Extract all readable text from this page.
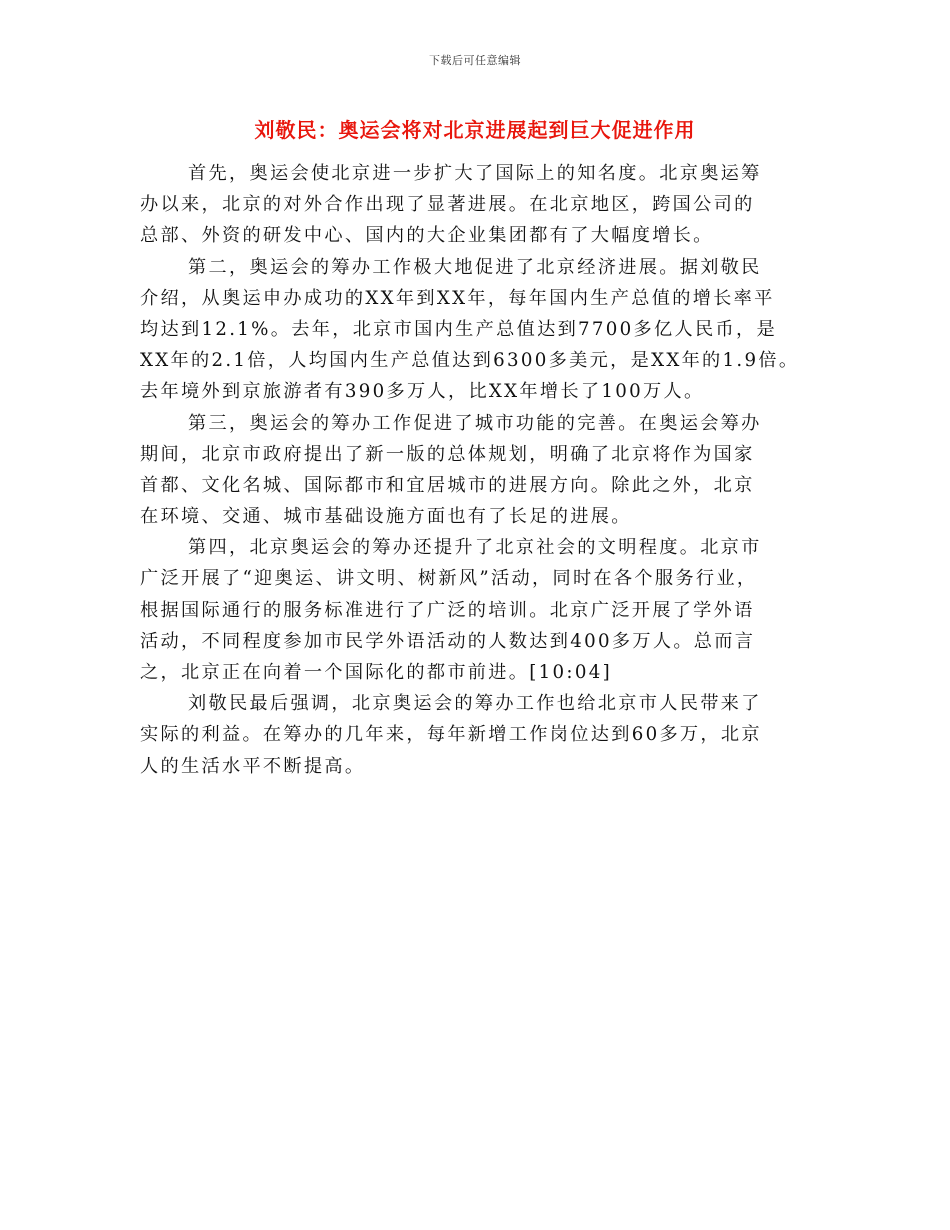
下载后可任意编辑
刘敬民：奥运会将对北京进展起到巨大促进作用
首先，奥运会使北京进一步扩大了国际上的知名度。北京奥运筹
办以来，北京的对外合作出现了显著进展。在北京地区，跨国公司的
总部、外资的研发中心、国内的大企业集团都有了大幅度增长。
第二，奥运会的筹办工作极大地促进了北京经济进展。据刘敬民
介绍，从奥运申办成功的XX年到XX年，每年国内生产总值的增长率平
均达到12.1%。去年，北京市国内生产总值达到7700多亿人民币，是
XX年的2.1倍，人均国内生产总值达到6300多美元，是XX年的1.9倍。
去年境外到京旅游者有390多万人，比XX年增长了100万人。
第三，奥运会的筹办工作促进了城市功能的完善。在奥运会筹办
期间，北京市政府提出了新一版的总体规划，明确了北京将作为国家
首都、文化名城、国际都市和宜居城市的进展方向。除此之外，北京
在环境、交通、城市基础设施方面也有了长足的进展。
第四，北京奥运会的筹办还提升了北京社会的文明程度。北京市
广泛开展了“迎奥运、讲文明、树新风”活动，同时在各个服务行业，
根据国际通行的服务标准进行了广泛的培训。北京广泛开展了学外语
活动，不同程度参加市民学外语活动的人数达到400多万人。总而言
之，北京正在向着一个国际化的都市前进。[10:04]
刘敬民最后强调，北京奥运会的筹办工作也给北京市人民带来了
实际的利益。在筹办的几年来，每年新增工作岗位达到60多万，北京
人的生活水平不断提高。
